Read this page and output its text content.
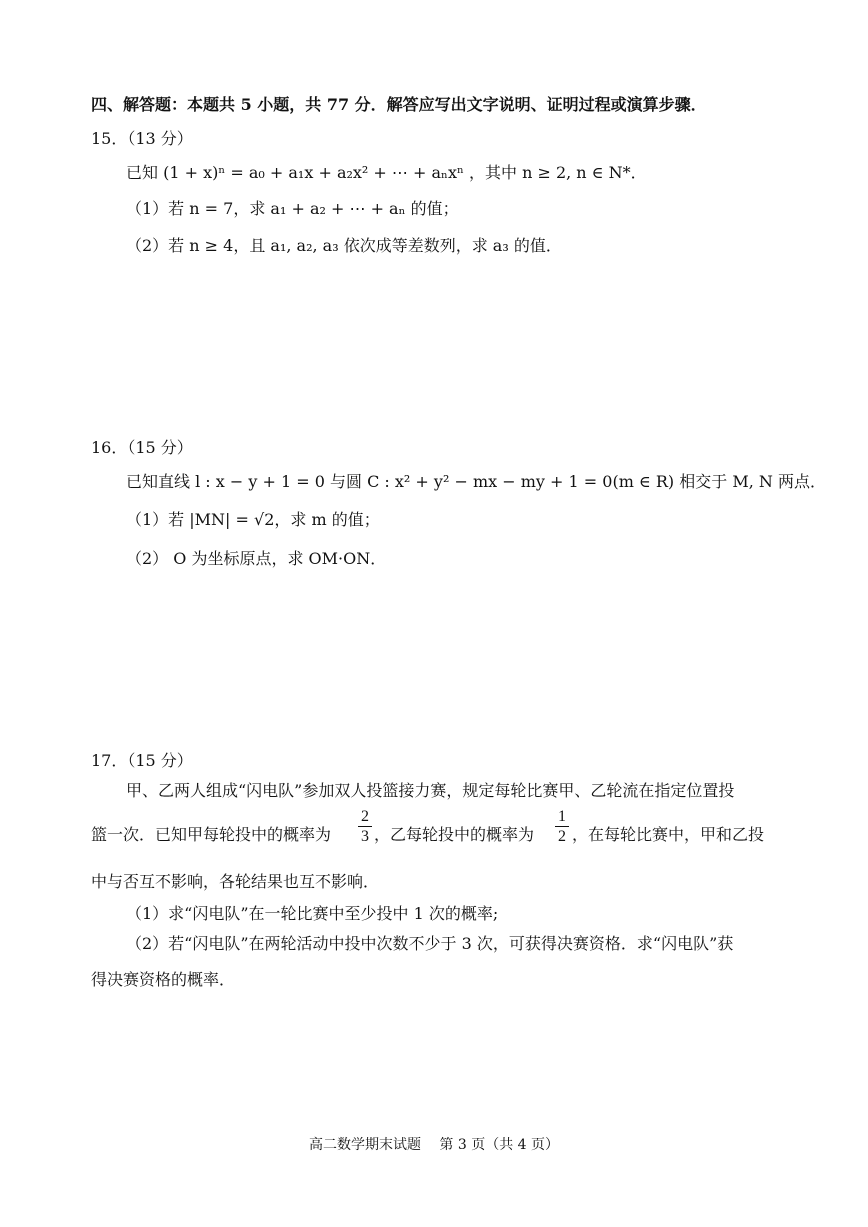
四、解答题：本题共 5 小题，共 77 分．解答应写出文字说明、证明过程或演算步骤．
15．（13 分）
已知 (1 + x)ⁿ = a₀ + a₁x + a₂x² + ⋯ + aₙxⁿ ，其中 n ≥ 2, n ∈ N*．
（1）若 n = 7，求 a₁ + a₂ + ⋯ + aₙ 的值；
（2）若 n ≥ 4，且 a₁, a₂, a₃ 依次成等差数列，求 a₃ 的值．
16．（15 分）
已知直线 l : x − y + 1 = 0 与圆 C : x² + y² − mx − my + 1 = 0(m ∈ R) 相交于 M, N 两点．
（1）若 |MN| = √2，求 m 的值；
（2） O 为坐标原点，求 OM·ON．
17．（15 分）
甲、乙两人组成“闪电队”参加双人投篮接力赛，规定每轮比赛甲、乙轮流在指定位置投
篮一次．已知甲每轮投中的概率为
2
3 ，乙每轮投中的概率为
1
2 ，在每轮比赛中，甲和乙投
中与否互不影响，各轮结果也互不影响．
（1）求“闪电队”在一轮比赛中至少投中 1 次的概率;
（2）若“闪电队”在两轮活动中投中次数不少于 3 次，可获得决赛资格．求“闪电队”获
得决赛资格的概率．
高二数学期末试题　 第 3 页（共 4 页）
